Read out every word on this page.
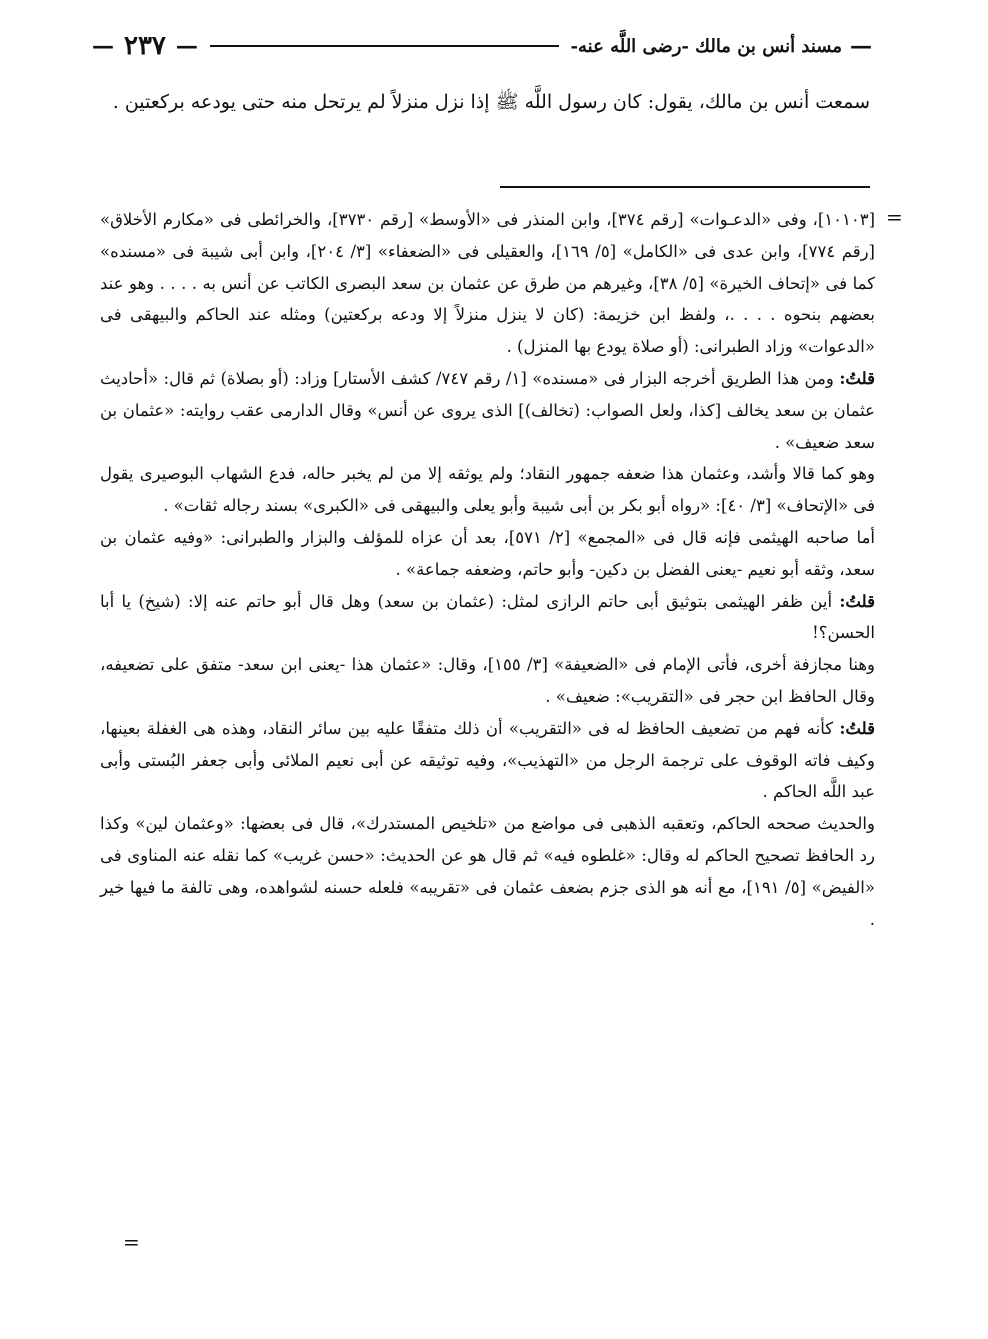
—
مسند أنس بن مالك -رضى اللَّه عنه-
—
٢٣٧
—

سمعت أنس بن مالك، يقول: كان رسول اللَّه ﷺ إذا نزل منزلاً لم يرتحل منه حتى يودعه بركعتين .

=

[١٠١٠٣]، وفى «الدعـوات» [رقم ٣٧٤]، وابن المنذر فى «الأوسط» [رقم ٣٧٣٠]، والخرائطى فى «مكارم الأخلاق» [رقم ٧٧٤]، وابن عدى فى «الكامل» [٥/ ١٦٩]، والعقيلى فى «الضعفاء» [٣/ ٢٠٤]، وابن أبى شيبة فى «مسنده» كما فى «إتحاف الخيرة» [٥/ ٣٨]، وغيرهم من طرق عن عثمان بن سعد البصرى الكاتب عن أنس به . . . . وهو عند بعضهم بنحوه . . . .، ولفظ ابن خزيمة: (كان لا ينزل منزلاً إلا ودعه بركعتين) ومثله عند الحاكم والبيهقى فى «الدعوات» وزاد الطبرانى: (أو صلاة يودع بها المنزل) .

قلتُ: ومن هذا الطريق أخرجه البزار فى «مسنده» [١/ رقم ٧٤٧/ كشف الأستار] وزاد: (أو بصلاة) ثم قال: «أحاديث عثمان بن سعد يخالف [كذا، ولعل الصواب: (تخالف)] الذى يروى عن أنس» وقال الدارمى عقب روايته: «عثمان بن سعد ضعيف» .

وهو كما قالا وأشد، وعثمان هذا ضعفه جمهور النقاد؛ ولم يوثقه إلا من لم يخبر حاله، فدع الشهاب البوصيرى يقول فى «الإتحاف» [٣/ ٤٠]: «رواه أبو بكر بن أبى شيبة وأبو يعلى والبيهقى فى «الكبرى» بسند رجاله ثقات» .

أما صاحبه الهيثمى فإنه قال فى «المجمع» [٢/ ٥٧١]، بعد أن عزاه للمؤلف والبزار والطبرانى: «وفيه عثمان بن سعد، وثقه أبو نعيم -يعنى الفضل بن دكين- وأبو حاتم، وضعفه جماعة» .

قلتُ: أين ظفر الهيثمى بتوثيق أبى حاتم الرازى لمثل: (عثمان بن سعد) وهل قال أبو حاتم عنه إلا: (شيخ) يا أبا الحسن؟!

وهنا مجازفة أخرى، فأتى الإمام فى «الضعيفة» [٣/ ١٥٥]، وقال: «عثمان هذا -يعنى ابن سعد- متفق على تضعيفه، وقال الحافظ ابن حجر فى «التقريب»: ضعيف» .

قلتُ: كأنه فهم من تضعيف الحافظ له فى «التقريب» أن ذلك متفقًا عليه بين سائر النقاد، وهذه هى الغفلة بعينها، وكيف فاته الوقوف على ترجمة الرجل من «التهذيب»، وفيه توثيقه عن أبى نعيم الملائى وأبى جعفر البُستى وأبى عبد اللَّه الحاكم .

والحديث صححه الحاكم، وتعقبه الذهبى فى مواضع من «تلخيص المستدرك»، قال فى بعضها: «وعثمان لين» وكذا رد الحافظ تصحيح الحاكم له وقال: «غلطوه فيه» ثم قال هو عن الحديث: «حسن غريب» كما نقله عنه المناوى فى «الفيض» [٥/ ١٩١]، مع أنه هو الذى جزم بضعف عثمان فى «تقريبه» فلعله حسنه لشواهده، وهى تالفة ما فيها خير .

=
